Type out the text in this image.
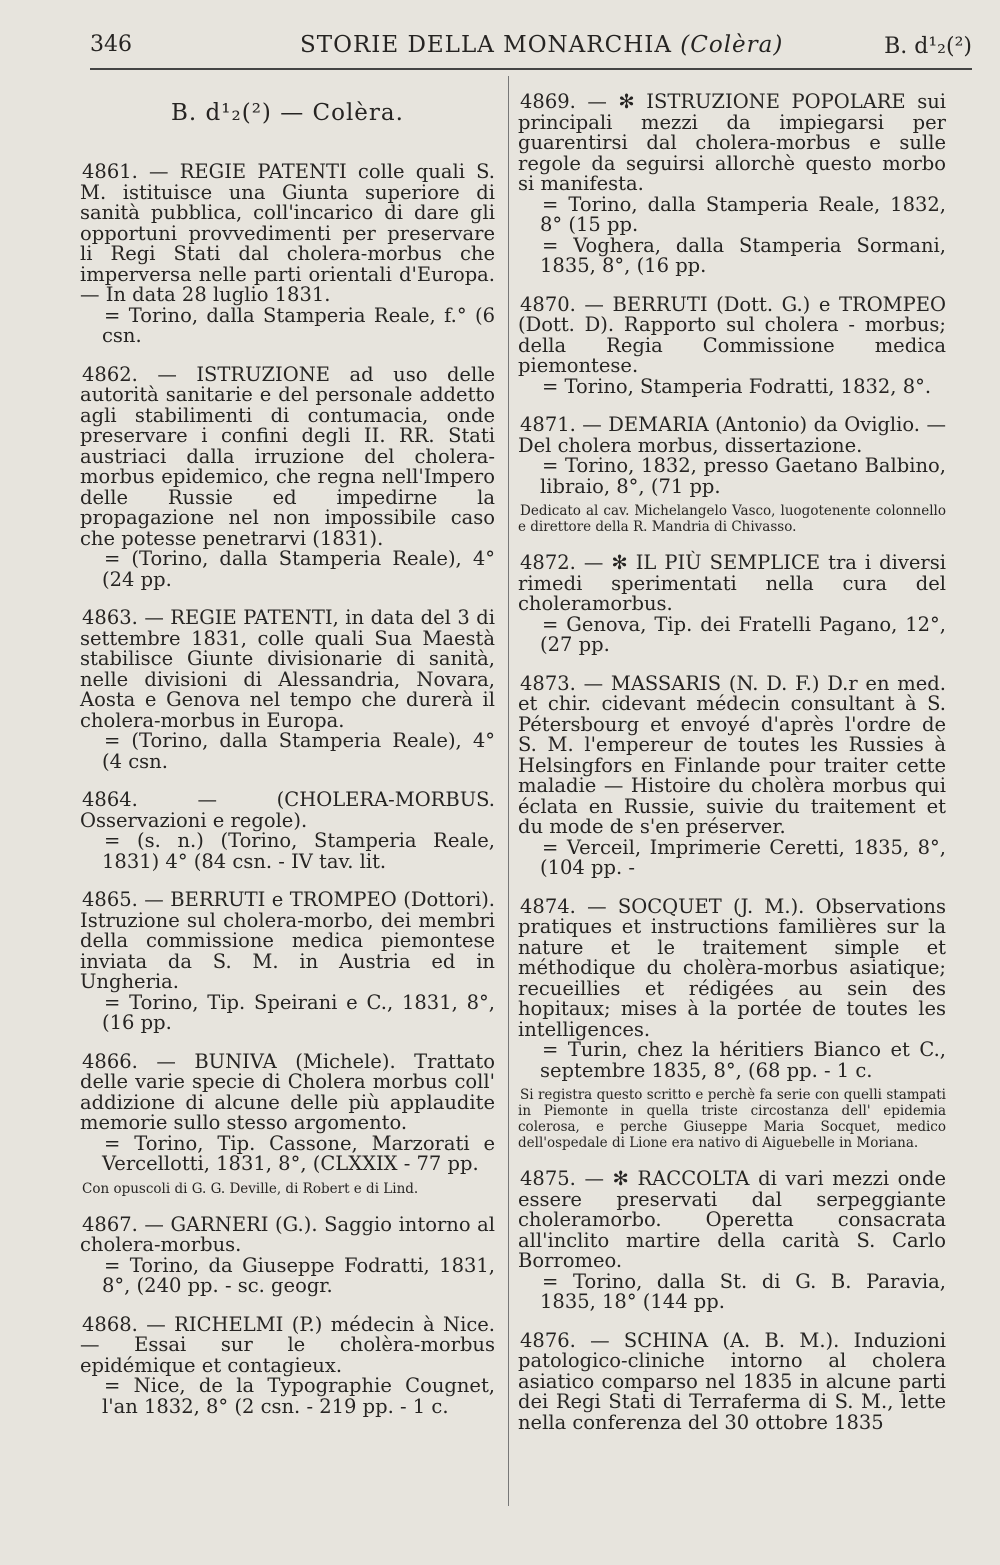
346	STORIE DELLA MONARCHIA (Colèra)	B. d¹₂(²)
B. d¹₂(²) — Colèra.

4861. — REGIE PATENTI colle quali S. M. istituisce una Giunta superiore di sanità pubblica, coll'incarico di dare gli opportuni provvedimenti per preservare li Regi Stati dal cholera-morbus che imperversa nelle parti orientali d'Europa. — In data 28 luglio 1831.

= Torino, dalla Stamperia Reale, f.° (6 csn.

4862. — ISTRUZIONE ad uso delle autorità sanitarie e del personale addetto agli stabilimenti di contumacia, onde preservare i confini degli II. RR. Stati austriaci dalla irruzione del cholera-morbus epidemico, che regna nell'Impero delle Russie ed impedirne la propagazione nel non impossibile caso che potesse penetrarvi (1831).

= (Torino, dalla Stamperia Reale), 4° (24 pp.

4863. — REGIE PATENTI, in data del 3 di settembre 1831, colle quali Sua Maestà stabilisce Giunte divisionarie di sanità, nelle divisioni di Alessandria, Novara, Aosta e Genova nel tempo che durerà il cholera-morbus in Europa.

= (Torino, dalla Stamperia Reale), 4° (4 csn.

4864. — (CHOLERA-MORBUS. Osservazioni e regole).

= (s. n.) (Torino, Stamperia Reale, 1831) 4° (84 csn. - IV tav. lit.

4865. — BERRUTI e TROMPEO (Dottori). Istruzione sul cholera-morbo, dei membri della commissione medica piemontese inviata da S. M. in Austria ed in Ungheria.

= Torino, Tip. Speirani e C., 1831, 8°, (16 pp.

4866. — BUNIVA (Michele). Trattato delle varie specie di Cholera morbus coll' addizione di alcune delle più applaudite memorie sullo stesso argomento.

= Torino, Tip. Cassone, Marzorati e Vercellotti, 1831, 8°, (CLXXIX - 77 pp.

Con opuscoli di G. G. Deville, di Robert e di Lind.

4867. — GARNERI (G.). Saggio intorno al cholera-morbus.

= Torino, da Giuseppe Fodratti, 1831, 8°, (240 pp. - sc. geogr.

4868. — RICHELMI (P.) médecin à Nice. — Essai sur le cholèra-morbus epidémique et contagieux.

= Nice, de la Typographie Cougnet, l'an 1832, 8° (2 csn. - 219 pp. - 1 c.

4869. — ✻ ISTRUZIONE POPOLARE sui principali mezzi da impiegarsi per guarentirsi dal cholera-morbus e sulle regole da seguirsi allorchè questo morbo si manifesta.

= Torino, dalla Stamperia Reale, 1832, 8° (15 pp.

= Voghera, dalla Stamperia Sormani, 1835, 8°, (16 pp.

4870. — BERRUTI (Dott. G.) e TROMPEO (Dott. D). Rapporto sul cholera - morbus; della Regia Commissione medica piemontese.

= Torino, Stamperia Fodratti, 1832, 8°.

4871. — DEMARIA (Antonio) da Oviglio. — Del cholera morbus, dissertazione.

= Torino, 1832, presso Gaetano Balbino, libraio, 8°, (71 pp.

Dedicato al cav. Michelangelo Vasco, luogotenente colonnello e direttore della R. Mandria di Chivasso.

4872. — ✻ IL PIÙ SEMPLICE tra i diversi rimedi sperimentati nella cura del choleramorbus.

= Genova, Tip. dei Fratelli Pagano, 12°, (27 pp.

4873. — MASSARIS (N. D. F.) D.r en med. et chir. cidevant médecin consultant à S. Pétersbourg et envoyé d'après l'ordre de S. M. l'empereur de toutes les Russies à Helsingfors en Finlande pour traiter cette maladie — Histoire du cholèra morbus qui éclata en Russie, suivie du traitement et du mode de s'en préserver.

= Verceil, Imprimerie Ceretti, 1835, 8°, (104 pp. -

4874. — SOCQUET (J. M.). Observations pratiques et instructions familières sur la nature et le traitement simple et méthodique du cholèra-morbus asiatique; recueillies et rédigées au sein des hopitaux; mises à la portée de toutes les intelligences.

= Turin, chez la héritiers Bianco et C., septembre 1835, 8°, (68 pp. - 1 c.

Si registra questo scritto e perchè fa serie con quelli stampati in Piemonte in quella triste circostanza dell' epidemia colerosa, e perche Giuseppe Maria Socquet, medico dell'ospedale di Lione era nativo di Aiguebelle in Moriana.

4875. — ✻ RACCOLTA di vari mezzi onde essere preservati dal serpeggiante choleramorbo. Operetta consacrata all'inclito martire della carità S. Carlo Borromeo.

= Torino, dalla St. di G. B. Paravia, 1835, 18° (144 pp.

4876. — SCHINA (A. B. M.). Induzioni patologico-cliniche intorno al cholera asiatico comparso nel 1835 in alcune parti dei Regi Stati di Terraferma di S. M., lette nella conferenza del 30 ottobre 1835
